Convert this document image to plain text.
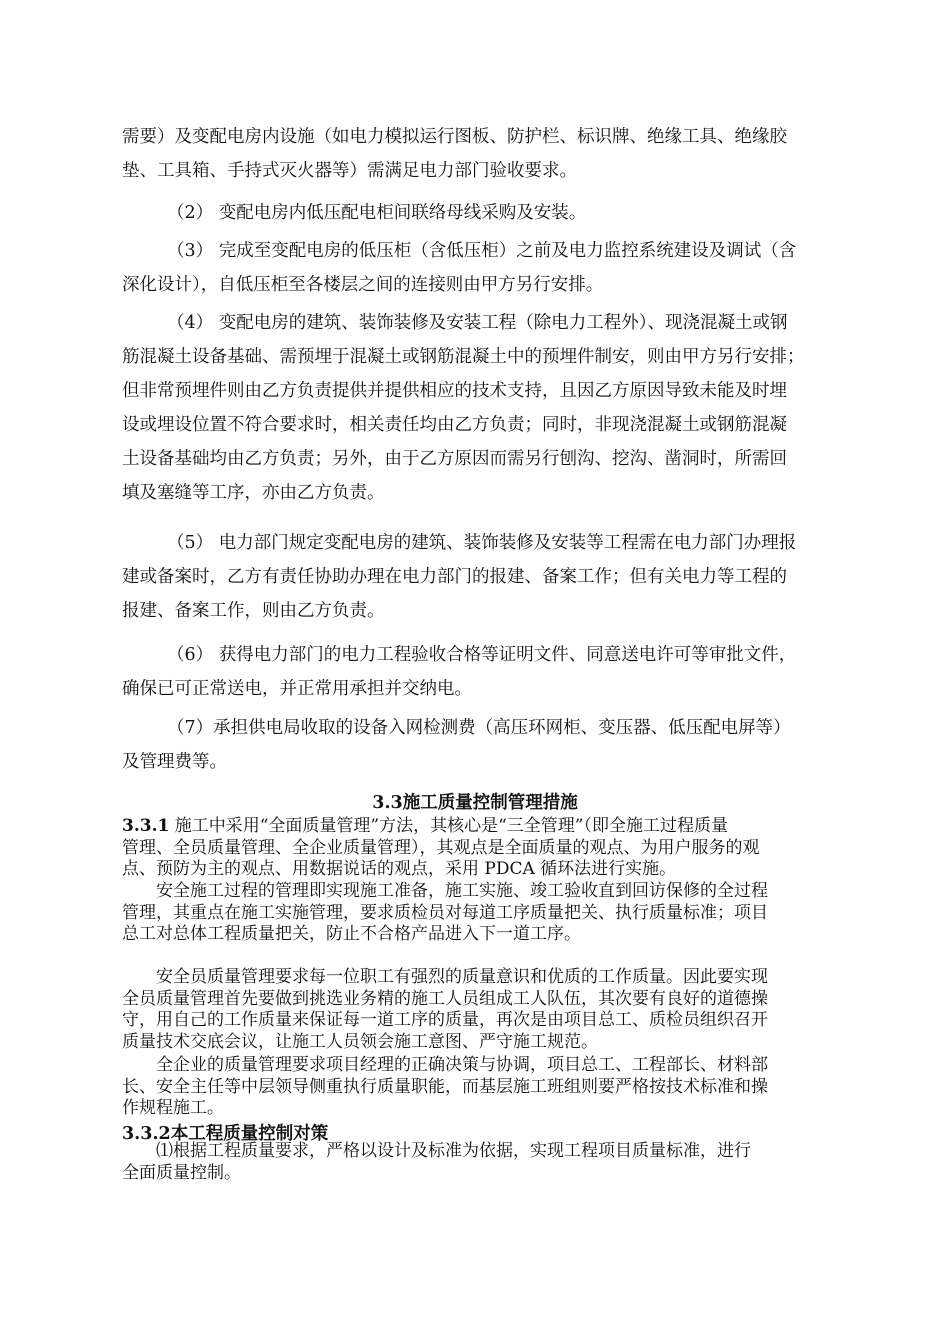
需要）及变配电房内设施（如电力模拟运行图板、防护栏、标识牌、绝缘工具、绝缘胶
垫、工具箱、手持式灭火器等）需满足电力部门验收要求。
（2） 变配电房内低压配电柜间联络母线采购及安装。
（3） 完成至变配电房的低压柜（含低压柜）之前及电力监控系统建设及调试（含
深化设计），自低压柜至各楼层之间的连接则由甲方另行安排。
（4） 变配电房的建筑、装饰装修及安装工程（除电力工程外）、现浇混凝土或钢
筋混凝土设备基础、需预埋于混凝土或钢筋混凝土中的预埋件制安，则由甲方另行安排；
但非常预埋件则由乙方负责提供并提供相应的技术支持，且因乙方原因导致未能及时埋
设或埋设位置不符合要求时，相关责任均由乙方负责；同时，非现浇混凝土或钢筋混凝
土设备基础均由乙方负责；另外，由于乙方原因而需另行刨沟、挖沟、凿洞时，所需回
填及塞缝等工序，亦由乙方负责。
（5） 电力部门规定变配电房的建筑、装饰装修及安装等工程需在电力部门办理报
建或备案时，乙方有责任协助办理在电力部门的报建、备案工作；但有关电力等工程的
报建、备案工作，则由乙方负责。
（6） 获得电力部门的电力工程验收合格等证明文件、同意送电许可等审批文件，
确保已可正常送电，并正常用承担并交纳电。
（7）承担供电局收取的设备入网检测费（高压环网柜、变压器、低压配电屏等）
及管理费等。
3.3施工质量控制管理措施
3.3.1 施工中采用“全面质量管理”方法，其核心是“三全管理”（即全施工过程质量
管理、全员质量管理、全企业质量管理），其观点是全面质量的观点、为用户服务的观
点、预防为主的观点、用数据说话的观点，采用 PDCA 循环法进行实施。
安全施工过程的管理即实现施工准备，施工实施、竣工验收直到回访保修的全过程
管理，其重点在施工实施管理，要求质检员对每道工序质量把关、执行质量标准；项目
总工对总体工程质量把关，防止不合格产品进入下一道工序。
安全员质量管理要求每一位职工有强烈的质量意识和优质的工作质量。因此要实现
全员质量管理首先要做到挑选业务精的施工人员组成工人队伍，其次要有良好的道德操
守，用自己的工作质量来保证每一道工序的质量，再次是由项目总工、质检员组织召开
质量技术交底会议，让施工人员领会施工意图、严守施工规范。
全企业的质量管理要求项目经理的正确决策与协调，项目总工、工程部长、材料部
长、安全主任等中层领导侧重执行质量职能，而基层施工班组则要严格按技术标准和操
作规程施工。
3.3.2本工程质量控制对策
⑴根据工程质量要求，严格以设计及标准为依据，实现工程项目质量标准，进行
全面质量控制。
